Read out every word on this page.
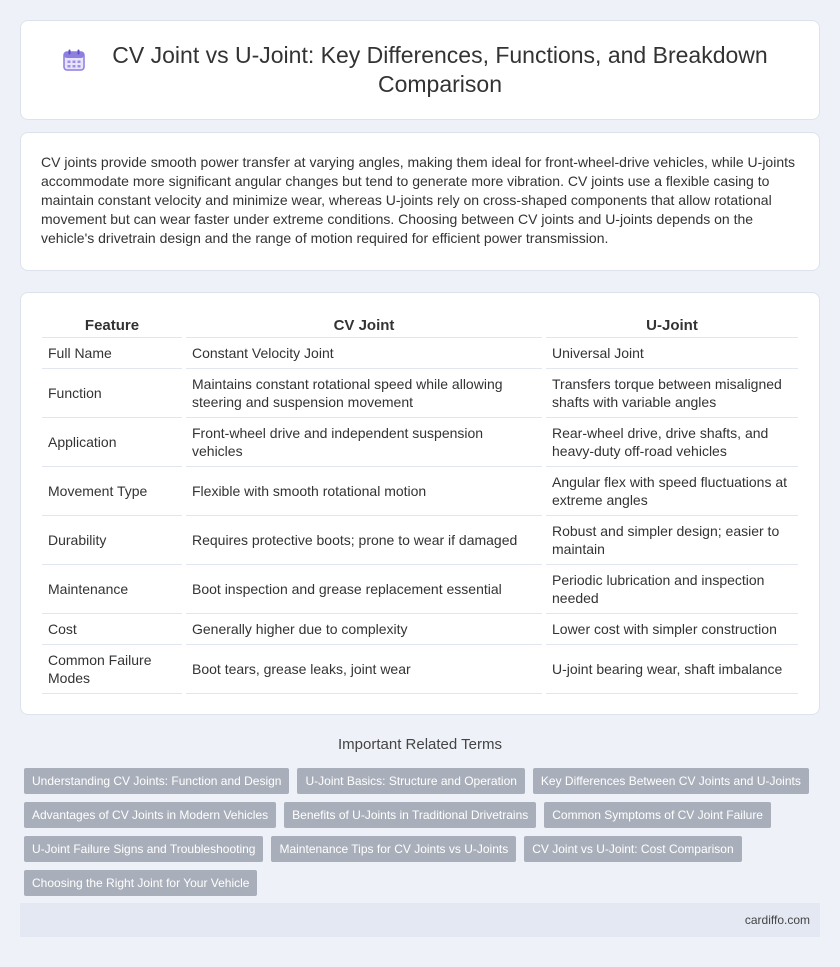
CV Joint vs U-Joint: Key Differences, Functions, and Breakdown Comparison

CV joints provide smooth power transfer at varying angles, making them ideal for front-wheel-drive vehicles, while U-joints accommodate more significant angular changes but tend to generate more vibration. CV joints use a flexible casing to maintain constant velocity and minimize wear, whereas U-joints rely on cross-shaped components that allow rotational movement but can wear faster under extreme conditions. Choosing between CV joints and U-joints depends on the vehicle's drivetrain design and the range of motion required for efficient power transmission.

Feature	CV Joint	U-Joint
Full Name	Constant Velocity Joint	Universal Joint
Function	Maintains constant rotational speed while allowing steering and suspension movement	Transfers torque between misaligned shafts with variable angles
Application	Front-wheel drive and independent suspension vehicles	Rear-wheel drive, drive shafts, and heavy-duty off-road vehicles
Movement Type	Flexible with smooth rotational motion	Angular flex with speed fluctuations at extreme angles
Durability	Requires protective boots; prone to wear if damaged	Robust and simpler design; easier to maintain
Maintenance	Boot inspection and grease replacement essential	Periodic lubrication and inspection needed
Cost	Generally higher due to complexity	Lower cost with simpler construction
Common Failure Modes	Boot tears, grease leaks, joint wear	U-joint bearing wear, shaft imbalance
Important Related Terms
Understanding CV Joints: Function and Design	U-Joint Basics: Structure and Operation	Key Differences Between CV Joints and U-Joints
Advantages of CV Joints in Modern Vehicles	Benefits of U-Joints in Traditional Drivetrains	Common Symptoms of CV Joint Failure
U-Joint Failure Signs and Troubleshooting	Maintenance Tips for CV Joints vs U-Joints	CV Joint vs U-Joint: Cost Comparison
Choosing the Right Joint for Your Vehicle
cardiffo.com
